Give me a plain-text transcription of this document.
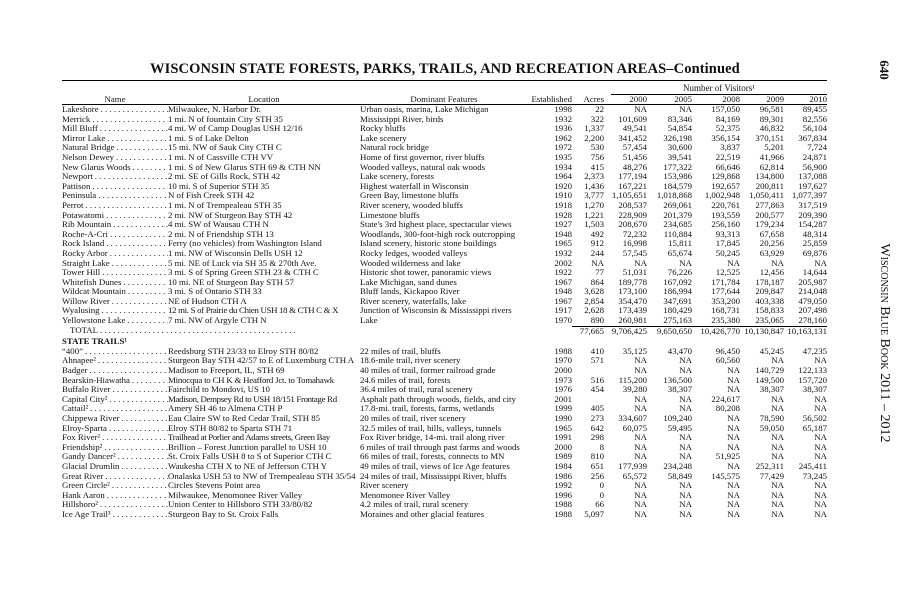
WISCONSIN STATE FORESTS, PARKS, TRAILS, AND RECREATION AREAS–Continued	640
Wisconsin Blue Book 2011 – 2012
Number of Visitors¹

Name	Location	Dominant Features	Established	Acres	2000	2005	2008	2009	2010
Lakeshore . . .	Milwaukee, N. Harbor Dr.	Urban oasis, marina, Lake Michigan	1998	22	NA	NA	157,050	96,581	89,455
Merrick . . .	1 mi. N of fountain City STH 35	Mississippi River, birds	1932	322	101,609	83,346	84,169	89,301	82,556
Mill Bluff . . .	4 mi. W of Camp Douglas USH 12/16	Rocky bluffs	1936	1,337	49,541	54,854	52,375	46,832	56,104
Mirror Lake . . .	1 mi. S of Lake Delton	Lake scenery	1962	2,200	341,452	326,198	356,154	370,151	367,834
Natural Bridge . . .	15 mi. NW of Sauk City CTH C	Natural rock bridge	1972	530	57,454	30,600	3,837	5,201	7,724
Nelson Dewey . . .	1 mi. N of Cassville CTH VV	Home of first governor, river bluffs	1935	756	51,456	39,541	22,519	41,966	24,871
New Glarus Woods . . .	1 mi. S of New Glarus STH 69 & CTH NN	Wooded valleys, natural oak woods	1934	415	48,276	177,322	66,646	62,814	56,900
Newport . . .	2 mi. SE of Gills Rock, STH 42	Lake scenery, forests	1964	2,373	177,194	153,986	129,868	134,800	137,088
Pattison . . .	10 mi. S of Superior STH 35	Highest waterfall in Wisconsin	1920	1,436	167,221	184,579	192,657	200,811	197,627
Peninsula . . .	N of Fish Creek STH 42	Green Bay, limestone bluffs	1910	3,777	1,105,651	1,018,868	1,002,948	1,050,411	1,077,397
Perrot . . .	1 mi. N of Trempealeau STH 35	River scenery, wooded bluffs	1918	1,270	208,537	269,061	220,761	277,863	317,519
Potawatomi . . .	2 mi. NW of Sturgeon Bay STH 42	Limestone bluffs	1928	1,221	228,909	201,379	193,559	200,577	209,390
Rib Mountain . . .	4 mi. SW of Wausau CTH N	State's 3rd highest place, spectacular views	1927	1,503	208,670	234,685	256,160	179,234	154,287
Roche-A-Cri . . .	2 mi. N of Friendship STH 13	Woodlands, 300-foot-high rock outcropping	1948	492	72,232	110,884	93,313	67,658	48,314
Rock Island . . .	Ferry (no vehicles) from Washington Island	Island scenery, historic stone buildings	1965	912	16,998	15,811	17,845	20,256	25,859
Rocky Arbor . . .	1 mi. NW of Wisconsin Dells USH 12	Rocky ledges, wooded valleys	1932	244	57,545	65,674	50,245	63,929	69,876
Straight Lake . . .	5 mi. NE of Luck via SH 35 & 270th Ave.	Wooded wilderness and lake	2002	NA	NA	NA	NA	NA	NA
Tower Hill . . .	3 mi. S of Spring Green STH 23 & CTH C	Historic shot tower, panoramic views	1922	77	51,031	76,226	12,525	12,456	14,644
Whitefish Dunes . . .	10 mi. NE of Sturgeon Bay STH 57	Lake Michigan, sand dunes	1967	864	189,778	167,092	171,784	178,187	205,987
Wildcat Mountain . . .	3 mi. S of Ontario STH 33	Bluff lands, Kickapoo River	1948	3,628	173,100	186,994	177,644	209,847	214,048
Willow River . . .	NE of Hudson CTH A	River scenery, waterfalls, lake	1967	2,854	354,470	347,691	353,200	403,338	479,050
Wyalusing . . .	12 mi. S of Prairie du Chien USH 18 & CTH C & X	Junction of Wisconsin & Mississippi rivers	1917	2,628	173,439	180,429	168,731	158,833	207,498
Yellowstone Lake . . .	7 mi. NW of Argyle CTH N	Lake	1970	890	260,981	275,163	235,380	235,065	278,160
TOTAL . . .				77,665	9,706,425	9,650,650	10,426,770	10,130,847	10,163,131
STATE TRAILS¹									
“400” . . .	Reedsburg STH 23/33 to Elroy STH 80/82	22 miles of trail, bluffs	1988	410	35,125	43,470	96,450	45,245	47,235
Ahnapee² . . .	Sturgeon Bay STH 42/57 to E of Luxemburg CTH A	18.6-mile trail, river scenery	1970	571	NA	NA	60,560	NA	NA
Badger . . .	Madison to Freeport, IL, STH 69	40 miles of trail, former railroad grade	2000		NA	NA	NA	140,729	122,133
Bearskin-Hiawatha . . .	Minocqua to CH K & Heafford Jct. to Tomahawk	24.6 miles of trail, forests	1973	516	115,200	136,500	NA	149,500	157,720
Buffalo River . . .	Fairchild to Mondovi, US 10	36.4 miles of trail, rural scenery	1976	454	39,280	38,307	NA	38,307	38,307
Capital City² . . .	Madison, Dempsey Rd to USH 18/151 Frontage Rd	Asphalt path through woods, fields, and city	2001		NA	NA	224,617	NA	NA
Cattail² . . .	Amery SH 46 to Almena CTH P	17.8-mi. trail, forests, farms, wetlands	1999	405	NA	NA	80,208	NA	NA
Chippewa River . . .	Eau Claire SW to Red Cedar Trail, STH 85	20 miles of trail, river scenery	1990	273	334,607	109,240	NA	78,590	56,502
Elroy-Sparta . . .	Elroy STH 80/82 to Sparta STH 71	32.5 miles of trail, hills, valleys, tunnels	1965	642	60,075	59,495	NA	59,050	65,187
Fox River² . . .	Trailhead at Porlier and Adams streets, Green Bay	Fox River bridge, 14-mi. trail along river	1991	298	NA	NA	NA	NA	NA
Friendship² . . .	Brillion – Forest Junction parallel to USH 10	6 miles of trail through past farms and woods	2000	8	NA	NA	NA	NA	NA
Gandy Dancer² . . .	St. Croix Falls USH 8 to S of Superior CTH C	66 miles of trail, forests, connects to MN	1989	810	NA	NA	51,925	NA	NA
Glacial Drumlin . . .	Waukesha CTH X to NE of Jefferson CTH Y	49 miles of trail, views of Ice Age features	1984	651	177,939	234,248	NA	252,311	245,411
Great River . . .	Onalaska USH 53 to NW of Trempealeau STH 35/54	24 miles of trail, Mississippi River, bluffs	1986	256	65,572	58,849	145,575	77,429	73,245
Green Circle² . . .	Circles Stevens Point area	River scenery	1992	0	NA	NA	NA	NA	NA
Hank Aaron . . .	Milwaukee, Menomonee River Valley	Menomonee River Valley	1996	0	NA	NA	NA	NA	NA
Hillsboro² . . .	Union Center to Hillsboro STH 33/80/82	4.2 miles of trail, rural scenery	1988	66	NA	NA	NA	NA	NA
Ice Age Trail³ . . .	Sturgeon Bay to St. Croix Falls	Moraines and other glacial features	1988	5,097	NA	NA	NA	NA	NA
